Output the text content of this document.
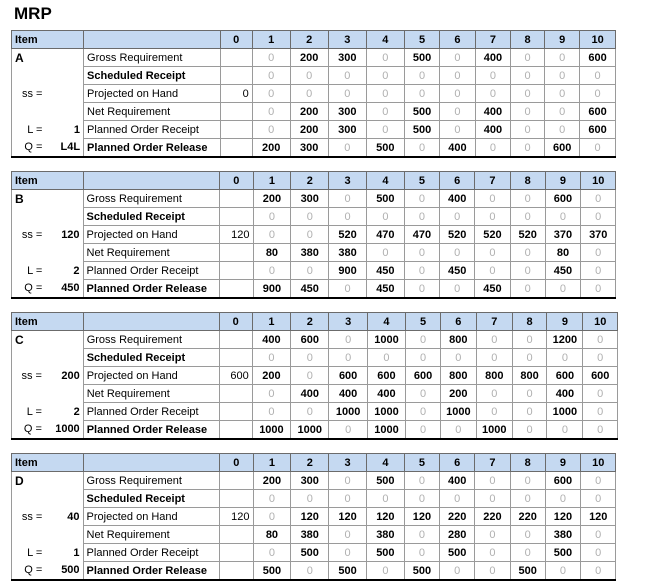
MRP
Item			0	1	2	3	4	5	6	7	8	9	10
A		Gross Requirement		0	200	300	0	500	0	400	0	0	600
		Scheduled Receipt		0	0	0	0	0	0	0	0	0	0
ss =		Projected on Hand	0	0	0	0	0	0	0	0	0	0	0
		Net Requirement		0	200	300	0	500	0	400	0	0	600
L =	1	Planned Order Receipt		0	200	300	0	500	0	400	0	0	600
Q =	L4L	Planned Order Release		200	300	0	500	0	400	0	0	600	0
Item			0	1	2	3	4	5	6	7	8	9	10
B		Gross Requirement		200	300	0	500	0	400	0	0	600	0
		Scheduled Receipt		0	0	0	0	0	0	0	0	0	0
ss =	120	Projected on Hand	120	0	0	520	470	470	520	520	520	370	370
		Net Requirement		80	380	380	0	0	0	0	0	80	0
L =	2	Planned Order Receipt		0	0	900	450	0	450	0	0	450	0
Q =	450	Planned Order Release		900	450	0	450	0	0	450	0	0	0
Item			0	1	2	3	4	5	6	7	8	9	10
C		Gross Requirement		400	600	0	1000	0	800	0	0	1200	0
		Scheduled Receipt		0	0	0	0	0	0	0	0	0	0
ss =	200	Projected on Hand	600	200	0	600	600	600	800	800	800	600	600
		Net Requirement		0	400	400	400	0	200	0	0	400	0
L =	2	Planned Order Receipt		0	0	1000	1000	0	1000	0	0	1000	0
Q =	1000	Planned Order Release		1000	1000	0	1000	0	0	1000	0	0	0
Item			0	1	2	3	4	5	6	7	8	9	10
D		Gross Requirement		200	300	0	500	0	400	0	0	600	0
		Scheduled Receipt		0	0	0	0	0	0	0	0	0	0
ss =	40	Projected on Hand	120	0	120	120	120	120	220	220	220	120	120
		Net Requirement		80	380	0	380	0	280	0	0	380	0
L =	1	Planned Order Receipt		0	500	0	500	0	500	0	0	500	0
Q =	500	Planned Order Release		500	0	500	0	500	0	0	500	0	0
